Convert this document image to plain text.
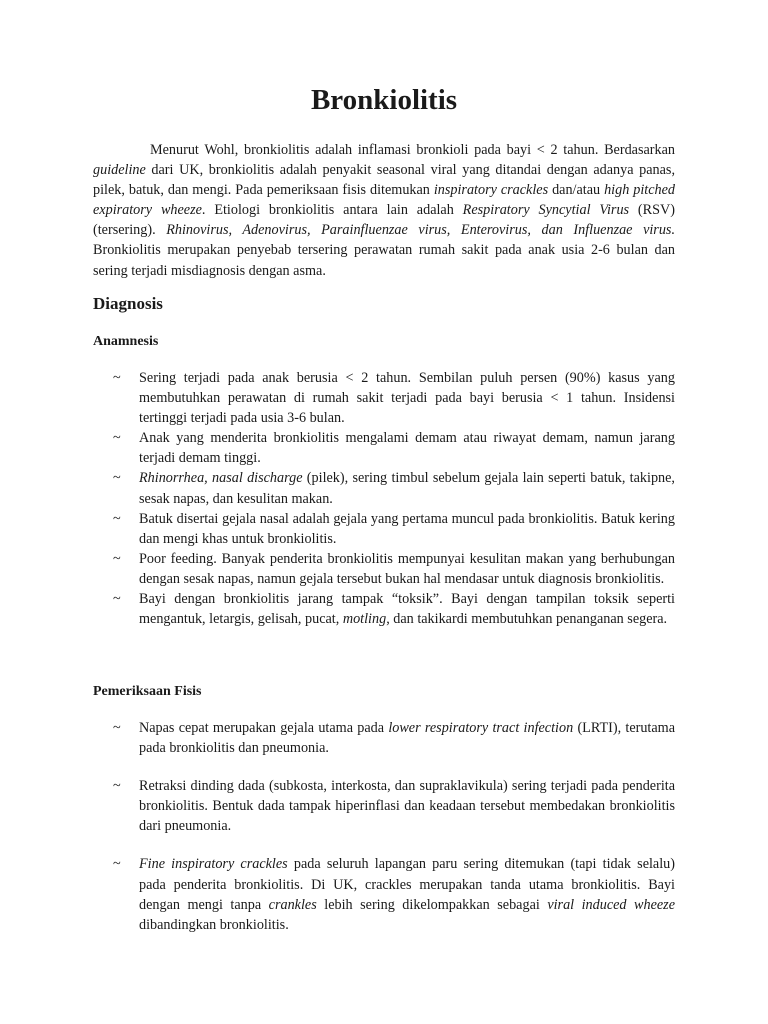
Bronkiolitis

Menurut Wohl, bronkiolitis adalah inflamasi bronkioli pada bayi < 2 tahun. Berdasarkan guideline dari UK, bronkiolitis adalah penyakit seasonal viral yang ditandai dengan adanya panas, pilek, batuk, dan mengi. Pada pemeriksaan fisis ditemukan inspiratory crackles dan/atau high pitched expiratory wheeze. Etiologi bronkiolitis antara lain adalah Respiratory Syncytial Virus (RSV) (tersering). Rhinovirus, Adenovirus, Parainfluenzae virus, Enterovirus, dan Influenzae virus. Bronkiolitis merupakan penyebab tersering perawatan rumah sakit pada anak usia 2-6 bulan dan sering terjadi misdiagnosis dengan asma.

Diagnosis
Anamnesis
~ Sering terjadi pada anak berusia < 2 tahun. Sembilan puluh persen (90%) kasus yang membutuhkan perawatan di rumah sakit terjadi pada bayi berusia < 1 tahun. Insidensi tertinggi terjadi pada usia 3-6 bulan.
~ Anak yang menderita bronkiolitis mengalami demam atau riwayat demam, namun jarang terjadi demam tinggi.
~ Rhinorrhea, nasal discharge (pilek), sering timbul sebelum gejala lain seperti batuk, takipne, sesak napas, dan kesulitan makan.
~ Batuk disertai gejala nasal adalah gejala yang pertama muncul pada bronkiolitis. Batuk kering dan mengi khas untuk bronkiolitis.
~ Poor feeding. Banyak penderita bronkiolitis mempunyai kesulitan makan yang berhubungan dengan sesak napas, namun gejala tersebut bukan hal mendasar untuk diagnosis bronkiolitis.
~ Bayi dengan bronkiolitis jarang tampak “toksik”. Bayi dengan tampilan toksik seperti mengantuk, letargis, gelisah, pucat, motling, dan takikardi membutuhkan penanganan segera.
Pemeriksaan Fisis
~ Napas cepat merupakan gejala utama pada lower respiratory tract infection (LRTI), terutama pada bronkiolitis dan pneumonia.
~ Retraksi dinding dada (subkosta, interkosta, dan supraklavikula) sering terjadi pada penderita bronkiolitis. Bentuk dada tampak hiperinflasi dan keadaan tersebut membedakan bronkiolitis dari pneumonia.
~ Fine inspiratory crackles pada seluruh lapangan paru sering ditemukan (tapi tidak selalu) pada penderita bronkiolitis. Di UK, crackles merupakan tanda utama bronkiolitis. Bayi dengan mengi tanpa crankles lebih sering dikelompakkan sebagai viral induced wheeze dibandingkan bronkiolitis.
